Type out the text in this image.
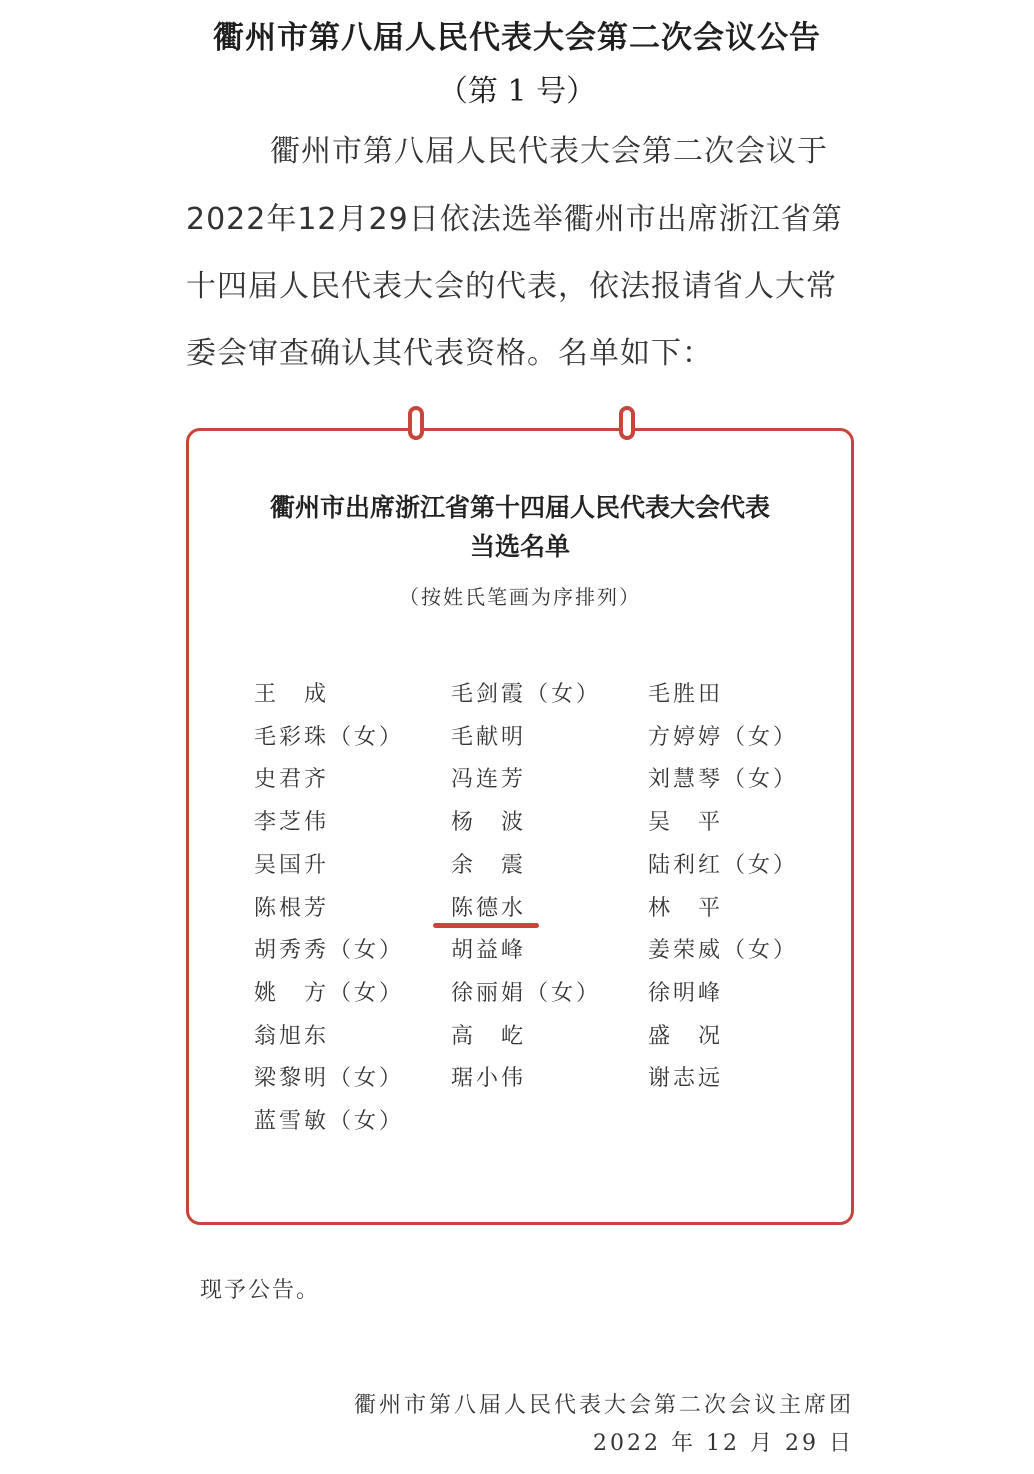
衢州市第八届人民代表大会第二次会议公告
（第 1 号）
衢州市第八届人民代表大会第二次会议于
2022年12月29日依法选举衢州市出席浙江省第
十四届人民代表大会的代表，依法报请省人大常
委会审查确认其代表资格。名单如下：
衢州市出席浙江省第十四届人民代表大会代表
当选名单
（按姓氏笔画为序排列）
王　成
毛彩珠（女）
史君齐
李芝伟
吴国升
陈根芳
胡秀秀（女）
姚　方（女）
翁旭东
梁黎明（女）
蓝雪敏（女）
毛剑霞（女）
毛献明
冯连芳
杨　波
余　震
陈德水
胡益峰
徐丽娟（女）
高　屹
琚小伟
毛胜田
方婷婷（女）
刘慧琴（女）
吴　平
陆利红（女）
林　平
姜荣威（女）
徐明峰
盛　况
谢志远
现予公告。
衢州市第八届人民代表大会第二次会议主席团
2022 年 12 月 29 日
